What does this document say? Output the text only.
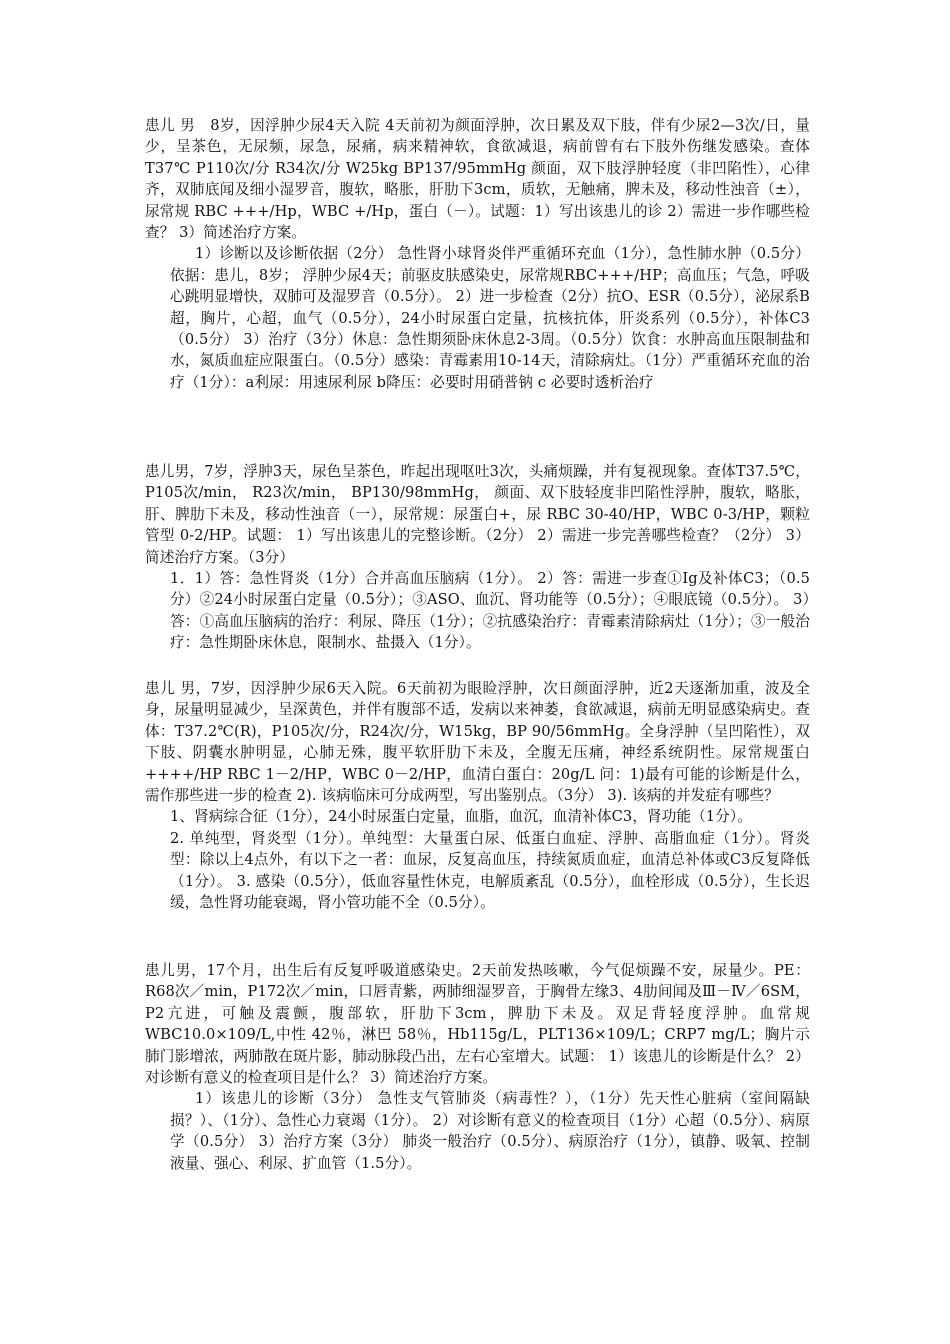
患儿 男　8岁，因浮肿少尿4天入院 4天前初为颜面浮肿，次日累及双下肢，伴有少尿2—3次/日，量少，呈茶色，无尿频，尿急，尿痛，病来精神软，食欲减退，病前曾有右下肢外伤继发感染。查体T37℃ P110次/分 R34次/分 W25kg BP137/95mmHg 颜面，双下肢浮肿轻度（非凹陷性），心律齐，双肺底闻及细小湿罗音，腹软，略胀，肝肋下3cm，质软，无触痛，脾未及，移动性浊音（±），尿常规 RBC +++/Hp，WBC +/Hp，蛋白（－）。试题：1）写出该患儿的诊 2）需进一步作哪些检查？ 3）简述治疗方案。

1）诊断以及诊断依据（2分） 急性肾小球肾炎伴严重循环充血（1分），急性肺水肿（0.5分）依据：患儿，8岁； 浮肿少尿4天；前驱皮肤感染史，尿常规RBC+++/HP；高血压；气急，呼吸心跳明显增快，双肺可及湿罗音（0.5分）。 2）进一步检查（2分）抗O、ESR（0.5分），泌尿系B超，胸片，心超，血气（0.5分），24小时尿蛋白定量，抗核抗体，肝炎系列（0.5分），补体C3（0.5分） 3）治疗（3分）休息：急性期须卧床休息2-3周。（0.5分）饮食：水肿高血压限制盐和水，氮质血症应限蛋白。（0.5分）感染：青霉素用10-14天，清除病灶。（1分）严重循环充血的治疗（1分）：a利尿：用速尿利尿 b降压：必要时用硝普钠 c 必要时透析治疗

患儿男，7岁，浮肿3天，尿色呈茶色，昨起出现呕吐3次，头痛烦躁，并有复视现象。查体T37.5℃， P105次/min， R23次/min， BP130/98mmHg， 颜面、双下肢轻度非凹陷性浮肿，腹软，略胀，肝、脾肋下未及，移动性浊音（一），尿常规：尿蛋白+，尿 RBC 30-40/HP，WBC 0-3/HP，颗粒管型 0-2/HP。试题： 1）写出该患儿的完整诊断。（2分） 2）需进一步完善哪些检查？（2分） 3）简述治疗方案。（3分）

1．1）答：急性肾炎（1分）合并高血压脑病（1分）。 2）答：需进一步查①Ig及补体C3；（0.5分）②24小时尿蛋白定量（0.5分）；③ASO、血沉、肾功能等（0.5分）；④眼底镜（0.5分）。 3）答：①高血压脑病的治疗：利尿、降压（1分）；②抗感染治疗：青霉素清除病灶（1分）；③一般治疗：急性期卧床休息，限制水、盐摄入（1分）。

患儿 男，7岁，因浮肿少尿6天入院。6天前初为眼睑浮肿，次日颜面浮肿，近2天逐渐加重，波及全身，尿量明显减少，呈深黄色，并伴有腹部不适，发病以来神萎，食欲减退，病前无明显感染病史。查体：T37.2℃(R)，P105次/分，R24次/分，W15kg，BP 90/56mmHg。全身浮肿（呈凹陷性），双下肢、阴囊水肿明显，心肺无殊，腹平软肝肋下未及，全腹无压痛，神经系统阴性。尿常规蛋白++++/HP RBC 1－2/HP，WBC 0－2/HP，血清白蛋白：20g/L 问：1)最有可能的诊断是什么，需作那些进一步的检查 2). 该病临床可分成两型，写出鉴别点。（3分） 3). 该病的并发症有哪些？

1、肾病综合征（1分），24小时尿蛋白定量，血脂，血沉，血清补体C3，肾功能（1分）。

2. 单纯型，肾炎型（1分）。单纯型：大量蛋白尿、低蛋白血症、浮肿、高脂血症（1分）。肾炎型：除以上4点外，有以下之一者：血尿，反复高血压，持续氮质血症，血清总补体或C3反复降低（1分）。 3. 感染（0.5分），低血容量性休克，电解质紊乱（0.5分），血栓形成（0.5分），生长迟缓，急性肾功能衰竭，肾小管功能不全（0.5分）。

患儿男，17个月，出生后有反复呼吸道感染史。2天前发热咳嗽，今气促烦躁不安，尿量少。PE：R68次／min，P172次／min，口唇青紫，两肺细湿罗音，于胸骨左缘3、4肋间闻及Ⅲ－Ⅳ／6SM，P2亢进，可触及震颤，腹部软，肝肋下3cm，脾肋下未及。双足背轻度浮肿。血常规 WBC10.0×109/L,中性 42％，淋巴 58％，Hb115g/L，PLT136×109/L；CRP7 mg/L；胸片示肺门影增浓，两肺散在斑片影，肺动脉段凸出，左右心室增大。试题： 1）该患儿的诊断是什么？ 2）对诊断有意义的检查项目是什么？ 3）简述治疗方案。

1）该患儿的诊断（3分） 急性支气管肺炎（病毒性？），（1分）先天性心脏病（室间隔缺损？）、（1分）、急性心力衰竭（1分）。 2）对诊断有意义的检查项目（1分）心超（0.5分）、病原学（0.5分） 3）治疗方案（3分） 肺炎一般治疗（0.5分）、病原治疗（1分），镇静、吸氧、控制液量、强心、利尿、扩血管（1.5分）。
